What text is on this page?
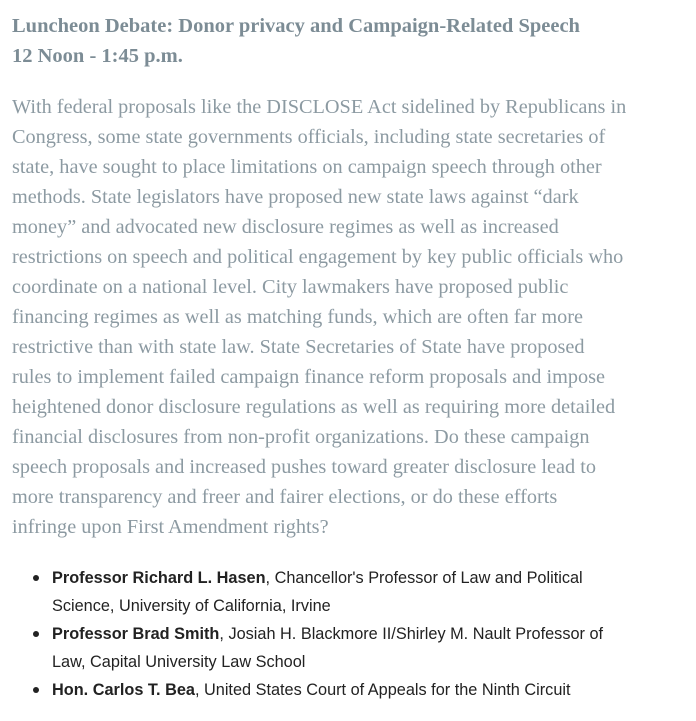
Luncheon Debate: Donor privacy and Campaign-Related Speech
12 Noon - 1:45 p.m.

With federal proposals like the DISCLOSE Act sidelined by Republicans in
Congress, some state governments officials, including state secretaries of
state, have sought to place limitations on campaign speech through other
methods. State legislators have proposed new state laws against “dark
money” and advocated new disclosure regimes as well as increased
restrictions on speech and political engagement by key public officials who
coordinate on a national level. City lawmakers have proposed public
financing regimes as well as matching funds, which are often far more
restrictive than with state law. State Secretaries of State have proposed
rules to implement failed campaign finance reform proposals and impose
heightened donor disclosure regulations as well as requiring more detailed
financial disclosures from non-profit organizations. Do these campaign
speech proposals and increased pushes toward greater disclosure lead to
more transparency and freer and fairer elections, or do these efforts
infringe upon First Amendment rights?

Professor Richard L. Hasen, Chancellor's Professor of Law and Political
Science, University of California, Irvine
Professor Brad Smith, Josiah H. Blackmore II/Shirley M. Nault Professor of
Law, Capital University Law School
Hon. Carlos T. Bea, United States Court of Appeals for the Ninth Circuit
